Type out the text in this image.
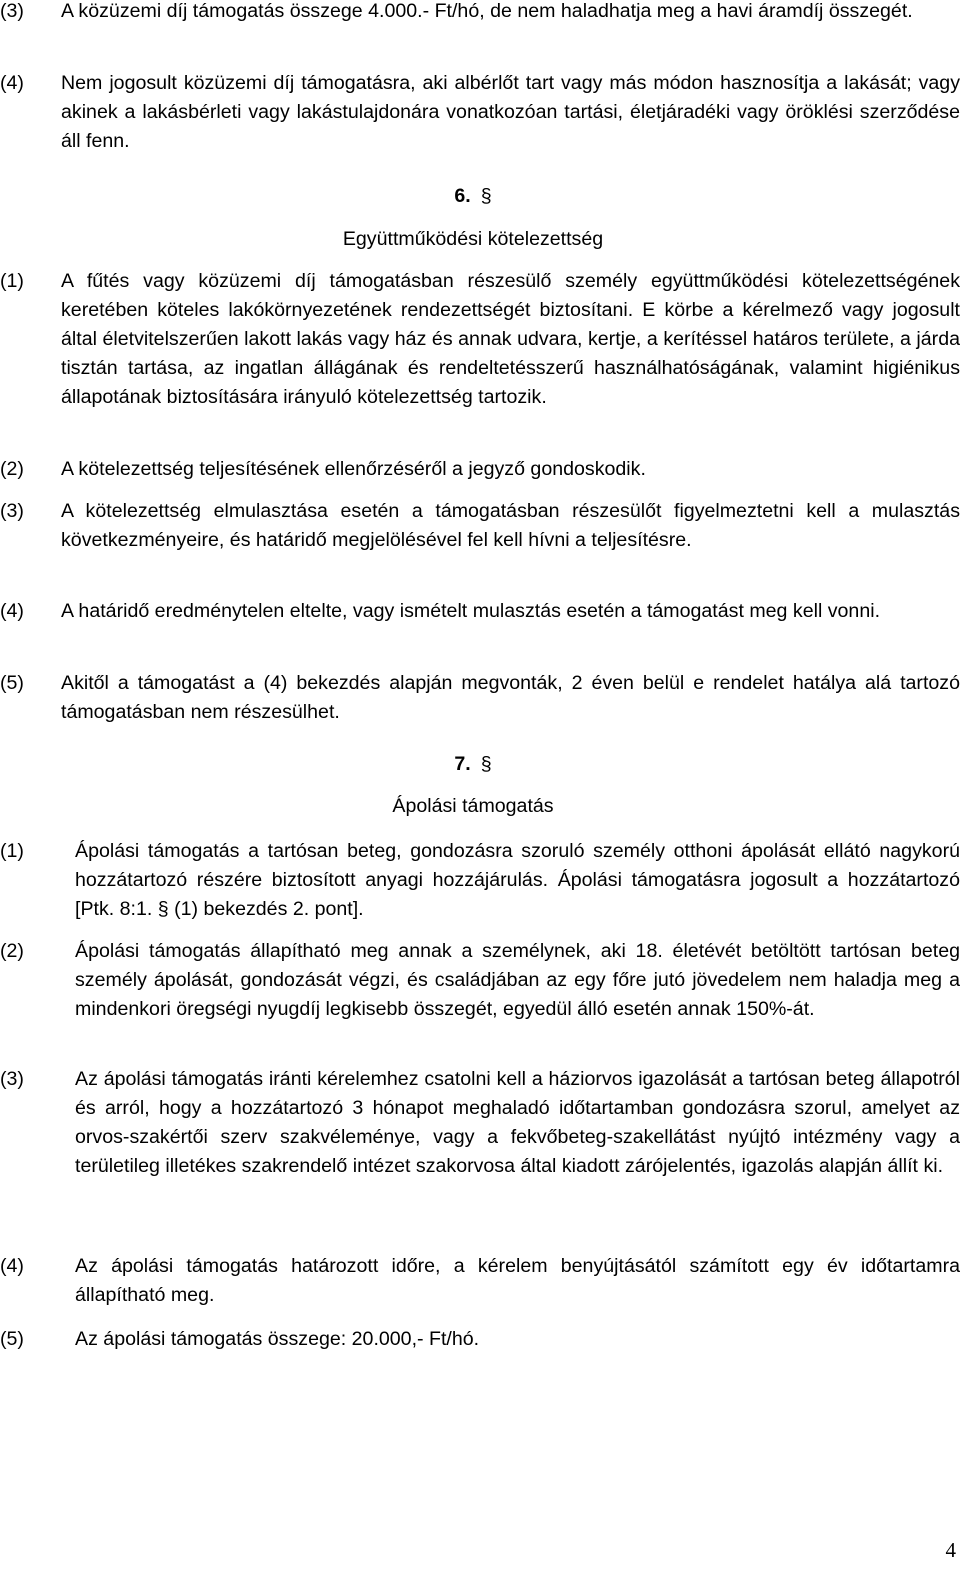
(3) A közüzemi díj támogatás összege 4.000.- Ft/hó, de nem haladhatja meg a havi áramdíj összegét.
(4) Nem jogosult közüzemi díj támogatásra, aki albérlőt tart vagy más módon hasznosítja a lakását; vagy akinek a lakásbérleti vagy lakástulajdonára vonatkozóan tartási, életjáradéki vagy öröklési szerződése áll fenn.
6. §
Együttműködési kötelezettség
(1) A fűtés vagy közüzemi díj támogatásban részesülő személy együttműködési kötelezettségének keretében köteles lakókörnyezetének rendezettségét biztosítani. E körbe a kérelmező vagy jogosult által életvitelszerűen lakott lakás vagy ház és annak udvara, kertje, a kerítéssel határos területe, a járda tisztán tartása, az ingatlan állágának és rendeltetésszerű használhatóságának, valamint higiénikus állapotának biztosítására irányuló kötelezettség tartozik.
(2) A kötelezettség teljesítésének ellenőrzéséről a jegyző gondoskodik.
(3) A kötelezettség elmulasztása esetén a támogatásban részesülőt figyelmeztetni kell a mulasztás következményeire, és határidő megjelölésével fel kell hívni a teljesítésre.
(4) A határidő eredménytelen eltelte, vagy ismételt mulasztás esetén a támogatást meg kell vonni.
(5) Akitől a támogatást a (4) bekezdés alapján megvonták, 2 éven belül e rendelet hatálya alá tartozó támogatásban nem részesülhet.
7. §
Ápolási támogatás
(1)	Ápolási támogatás a tartósan beteg, gondozásra szoruló személy otthoni ápolását ellátó nagykorú hozzátartozó részére biztosított anyagi hozzájárulás. Ápolási támogatásra jogosult a hozzátartozó [Ptk. 8:1. § (1) bekezdés 2. pont].
(2)	Ápolási támogatás állapítható meg annak a személynek, aki 18. életévét betöltött tartósan beteg személy ápolását, gondozását végzi, és családjában az egy főre jutó jövedelem nem haladja meg a mindenkori öregségi nyugdíj legkisebb összegét, egyedül álló esetén annak 150%-át.
(3)	Az ápolási támogatás iránti kérelemhez csatolni kell a háziorvos igazolását a tartósan beteg állapotról és arról, hogy a hozzátartozó 3 hónapot meghaladó időtartamban gondozásra szorul, amelyet az orvos-szakértői szerv szakvéleménye, vagy a fekvőbeteg-szakellátást nyújtó intézmény vagy a területileg illetékes szakrendelő intézet szakorvosa által kiadott zárójelentés, igazolás alapján állít ki.
(4)	Az ápolási támogatás határozott időre, a kérelem benyújtásától számított egy év időtartamra állapítható meg.
(5)	Az ápolási támogatás összege: 20.000,- Ft/hó.
4
